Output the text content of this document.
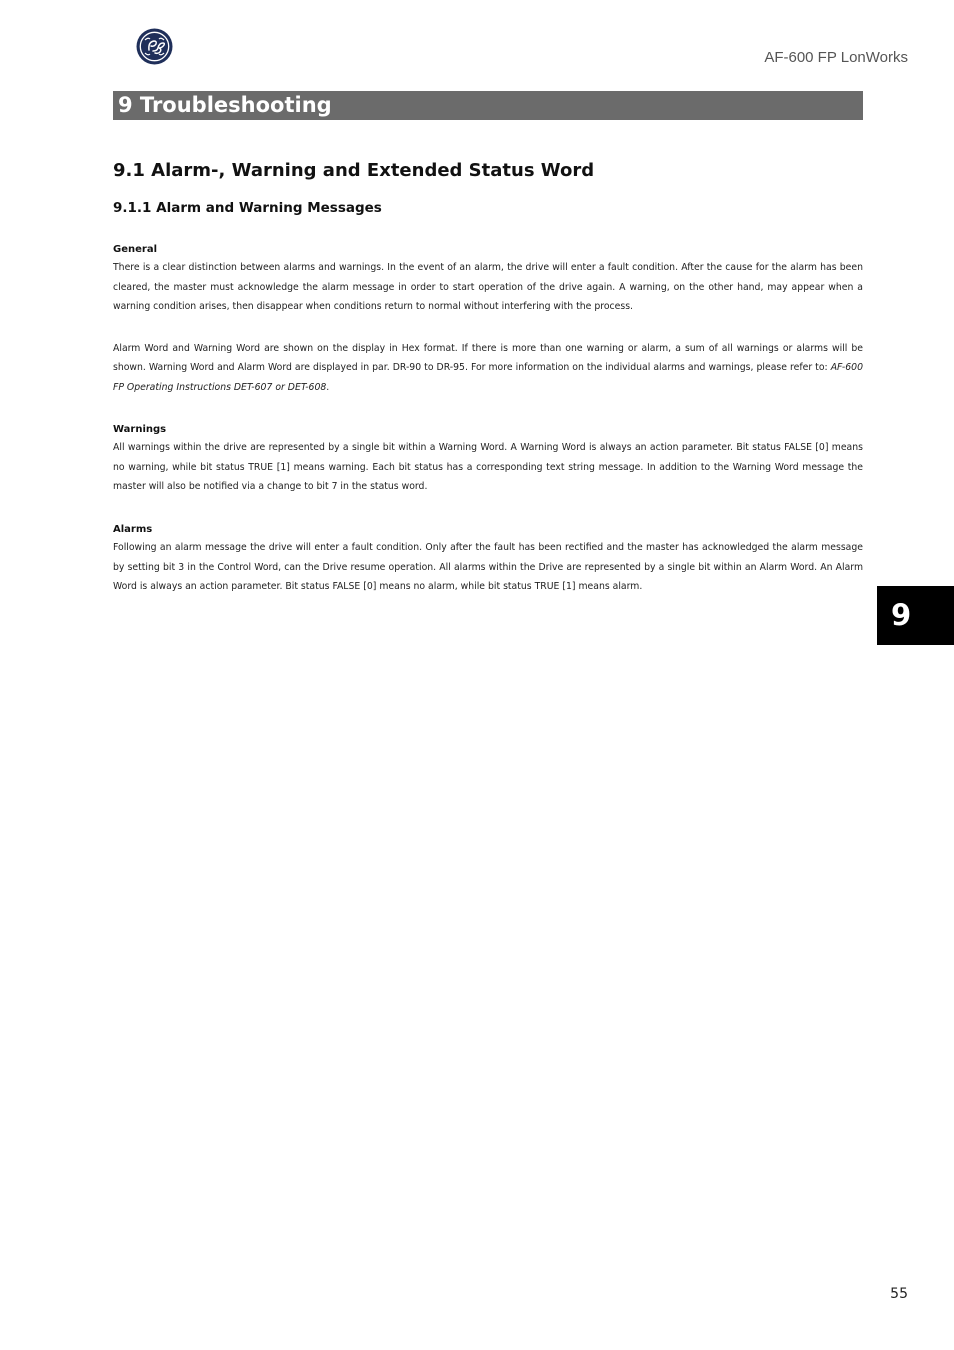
AF-600 FP LonWorks
9 Troubleshooting
9.1 Alarm-, Warning and Extended Status Word
9.1.1 Alarm and Warning Messages
General

There is a clear distinction between alarms and warnings. In the event of an alarm, the drive will enter a fault condition. After the cause for the alarm has been cleared, the master must acknowledge the alarm message in order to start operation of the drive again. A warning, on the other hand, may appear when a warning condition arises, then disappear when conditions return to normal without interfering with the process.

Alarm Word and Warning Word are shown on the display in Hex format. If there is more than one warning or alarm, a sum of all warnings or alarms will be shown. Warning Word and Alarm Word are displayed in par. DR-90 to DR-95. For more information on the individual alarms and warnings, please refer to: AF-600 FP Operating Instructions DET-607 or DET-608.

Warnings

All warnings within the drive are represented by a single bit within a Warning Word. A Warning Word is always an action parameter. Bit status FALSE [0] means no warning, while bit status TRUE [1] means warning. Each bit status has a corresponding text string message. In addition to the Warning Word message the master will also be notified via a change to bit 7 in the status word.

Alarms

Following an alarm message the drive will enter a fault condition. Only after the fault has been rectified and the master has acknowledged the alarm message by setting bit 3 in the Control Word, can the Drive resume operation. All alarms within the Drive are represented by a single bit within an Alarm Word. An Alarm Word is always an action parameter. Bit status FALSE [0] means no alarm, while bit status TRUE [1] means alarm.

9
55
